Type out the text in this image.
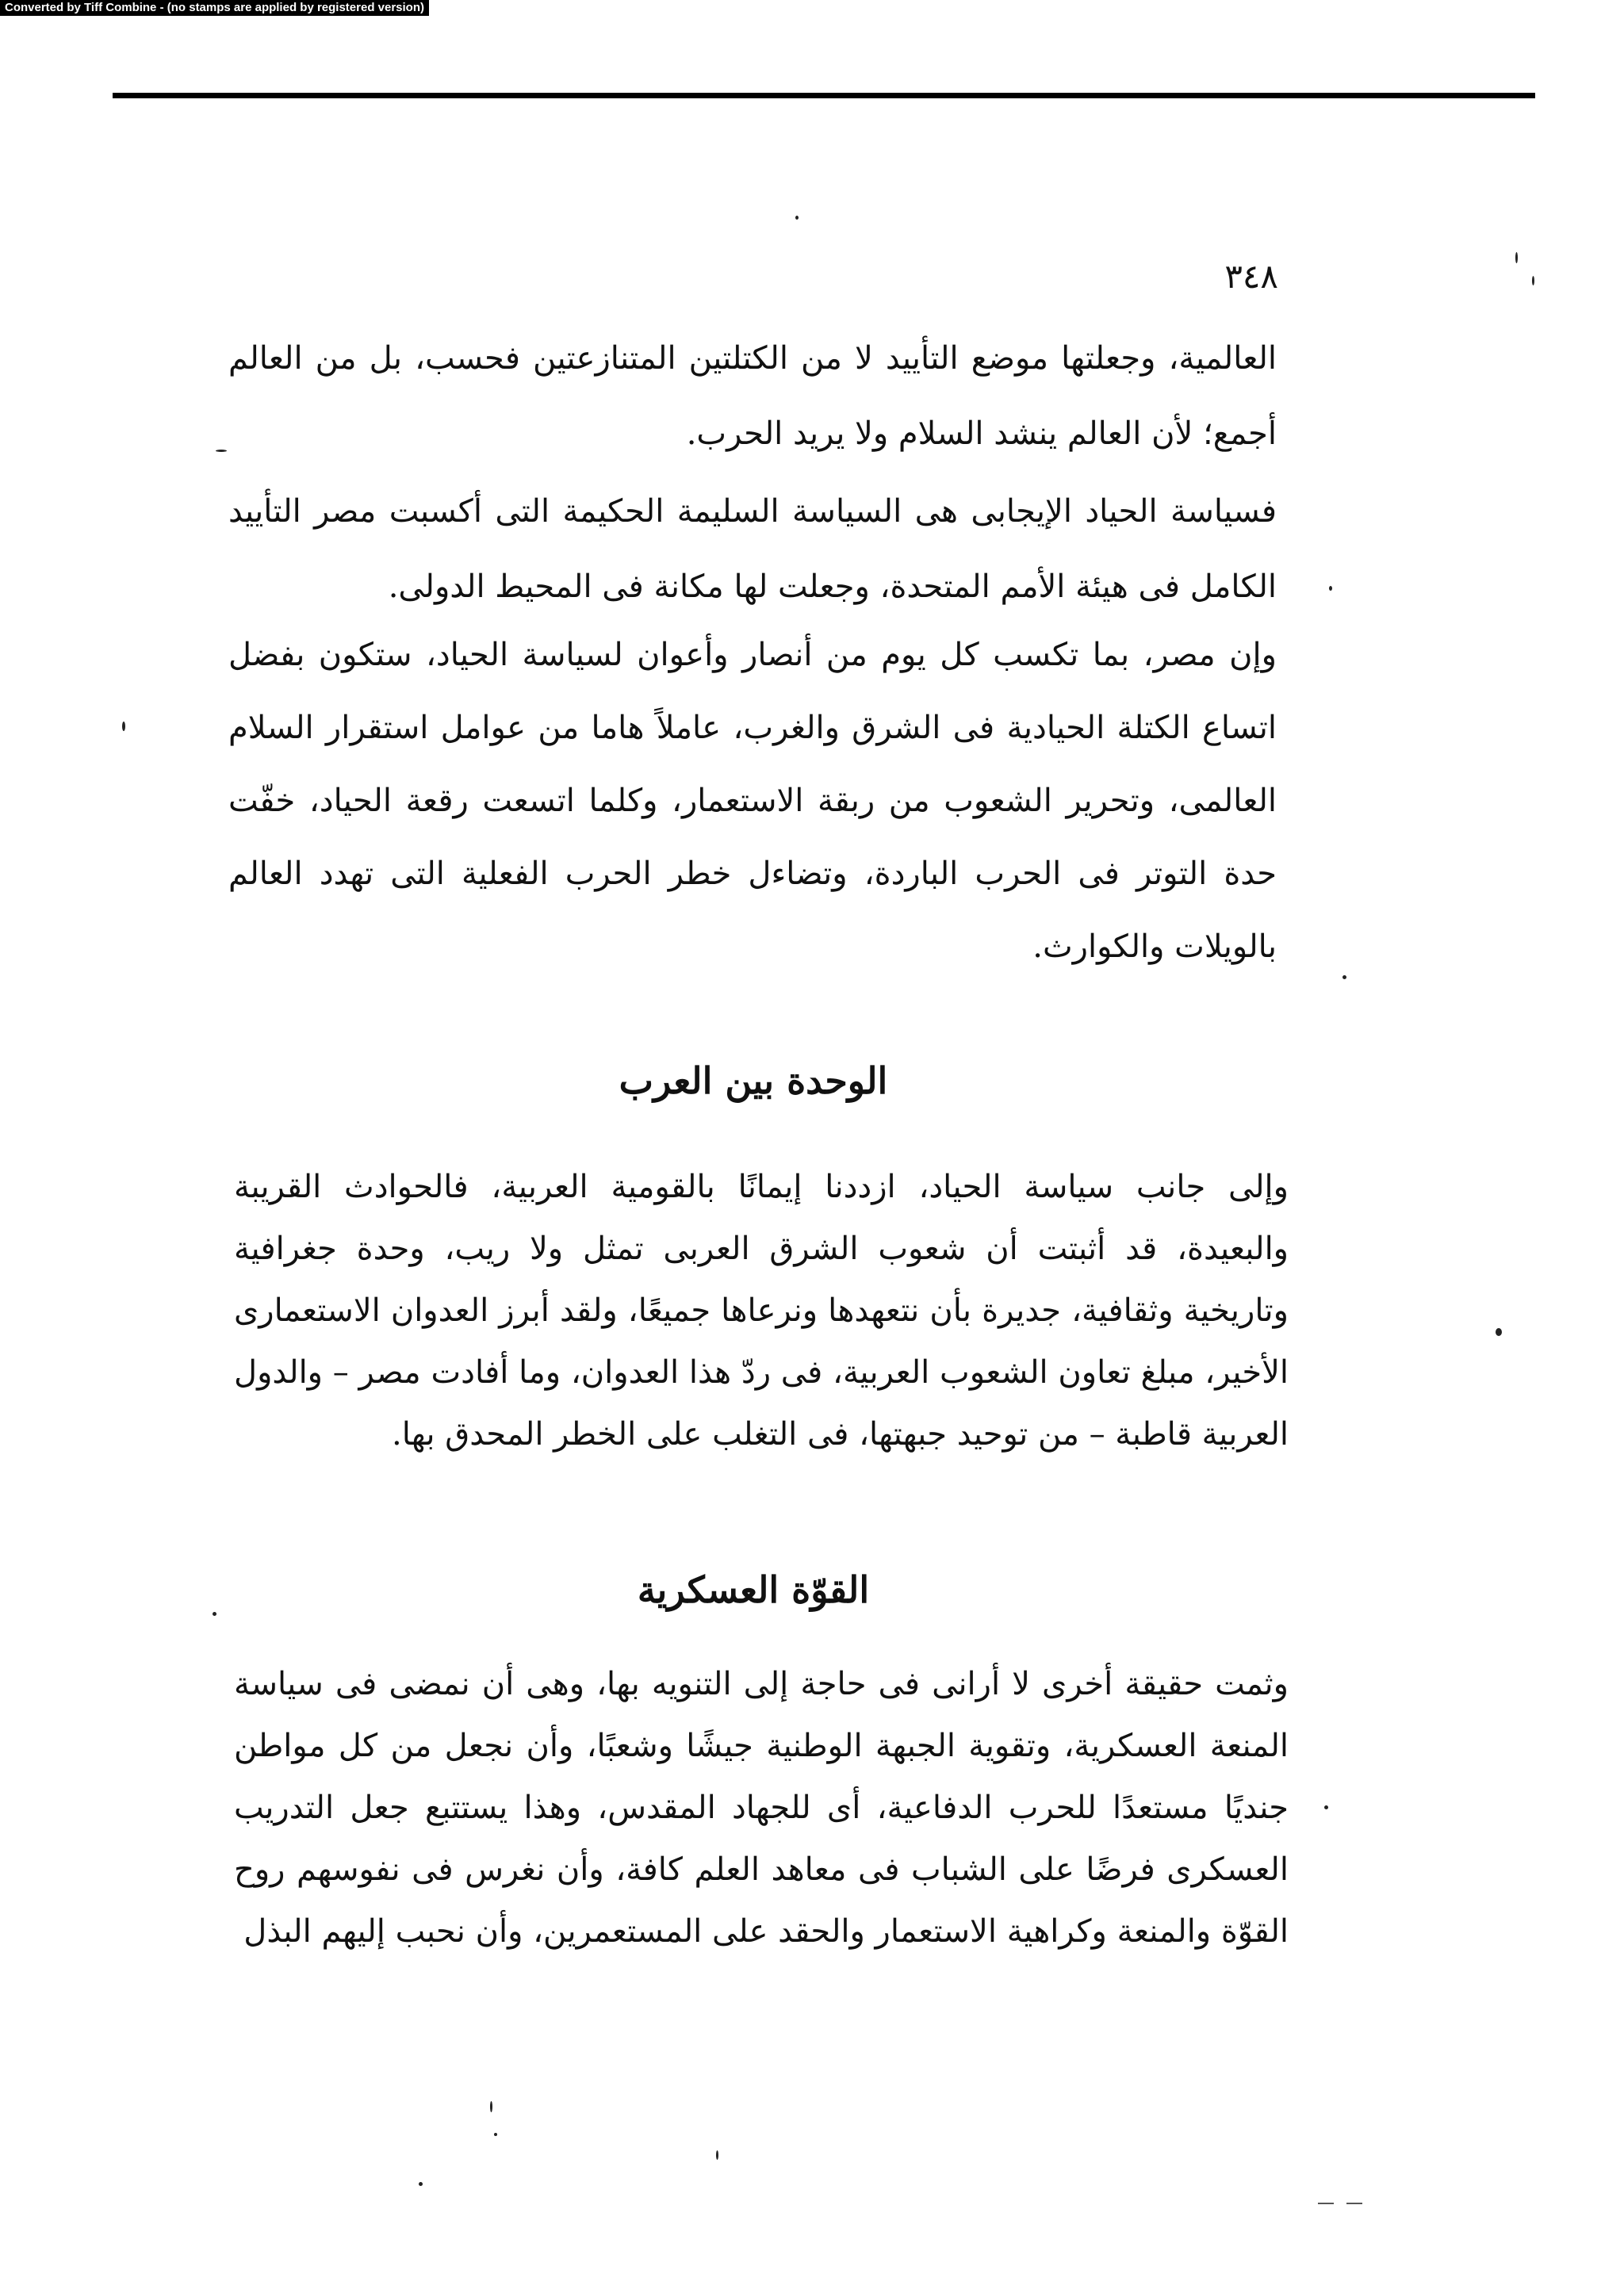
Converted by Tiff Combine - (no stamps are applied by registered version)
٣٤٨

العالمية، وجعلتها موضع التأييد لا من الكتلتين المتنازعتين فحسب، بل من العالم أجمع؛ لأن العالم ينشد السلام ولا يريد الحرب.

فسياسة الحياد الإيجابى هى السياسة السليمة الحكيمة التى أكسبت مصر التأييد الكامل فى هيئة الأمم المتحدة، وجعلت لها مكانة فى المحيط الدولى.

وإن مصر، بما تكسب كل يوم من أنصار وأعوان لسياسة الحياد، ستكون بفضل اتساع الكتلة الحيادية فى الشرق والغرب، عاملاً هاما من عوامل استقرار السلام العالمى، وتحرير الشعوب من ربقة الاستعمار، وكلما اتسعت رقعة الحياد، خفّت حدة التوتر فى الحرب الباردة، وتضاءل خطر الحرب الفعلية التى تهدد العالم بالويلات والكوارث.

الوحدة بين العرب

وإلى جانب سياسة الحياد، ازددنا إيمانًا بالقومية العربية، فالحوادث القريبة والبعيدة، قد أثبتت أن شعوب الشرق العربى تمثل ولا ريب، وحدة جغرافية وتاريخية وثقافية، جديرة بأن نتعهدها ونرعاها جميعًا، ولقد أبرز العدوان الاستعمارى الأخير، مبلغ تعاون الشعوب العربية، فى ردّ هذا العدوان، وما أفادت مصر – والدول العربية قاطبة – من توحيد جبهتها، فى التغلب على الخطر المحدق بها.

القوّة العسكرية

وثمت حقيقة أخرى لا أرانى فى حاجة إلى التنويه بها، وهى أن نمضى فى سياسة المنعة العسكرية، وتقوية الجبهة الوطنية جيشًا وشعبًا، وأن نجعل من كل مواطن جنديًا مستعدًا للحرب الدفاعية، أى للجهاد المقدس، وهذا يستتبع جعل التدريب العسكرى فرضًا على الشباب فى معاهد العلم كافة، وأن نغرس فى نفوسهم روح القوّة والمنعة وكراهية الاستعمار والحقد على المستعمرين، وأن نحبب إليهم البذل
